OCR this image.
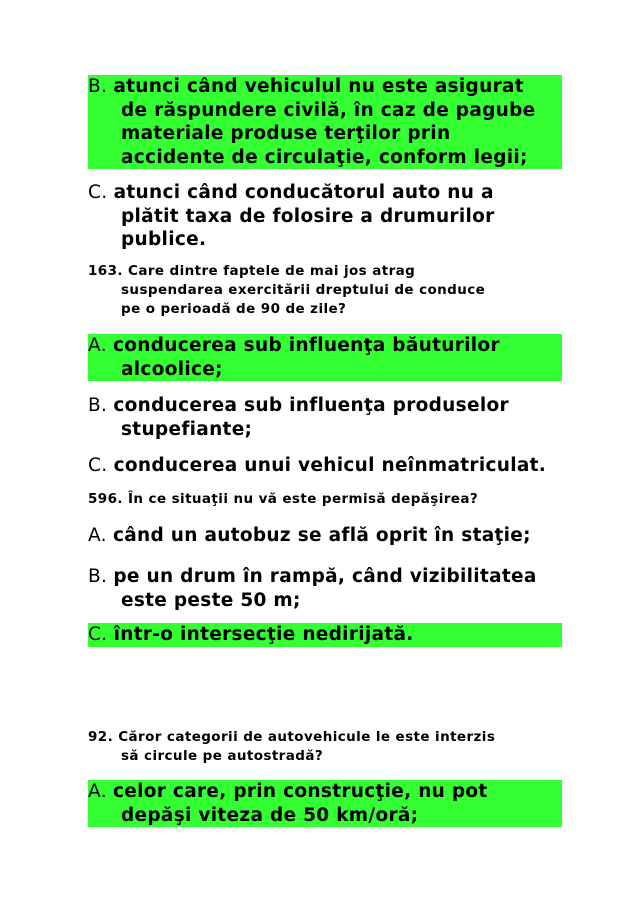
B. atunci când vehiculul nu este asigurat
de răspundere civilă, în caz de pagube
materiale produse terţilor prin
accidente de circulaţie, conform legii;
C. atunci când conducătorul auto nu a
plătit taxa de folosire a drumurilor
publice.
163. Care dintre faptele de mai jos atrag
suspendarea exercitării dreptului de conduce
pe o perioadă de 90 de zile?
A. conducerea sub influenţa băuturilor
alcoolice;
B. conducerea sub influenţa produselor
stupefiante;
C. conducerea unui vehicul neînmatriculat.
596. În ce situaţii nu vă este permisă depăşirea?
A. când un autobuz se află oprit în staţie;
B. pe un drum în rampă, când vizibilitatea
este peste 50 m;
C. într-o intersecţie nedirijată.
92. Căror categorii de autovehicule le este interzis
să circule pe autostradă?
A. celor care, prin construcţie, nu pot
depăşi viteza de 50 km/oră;
